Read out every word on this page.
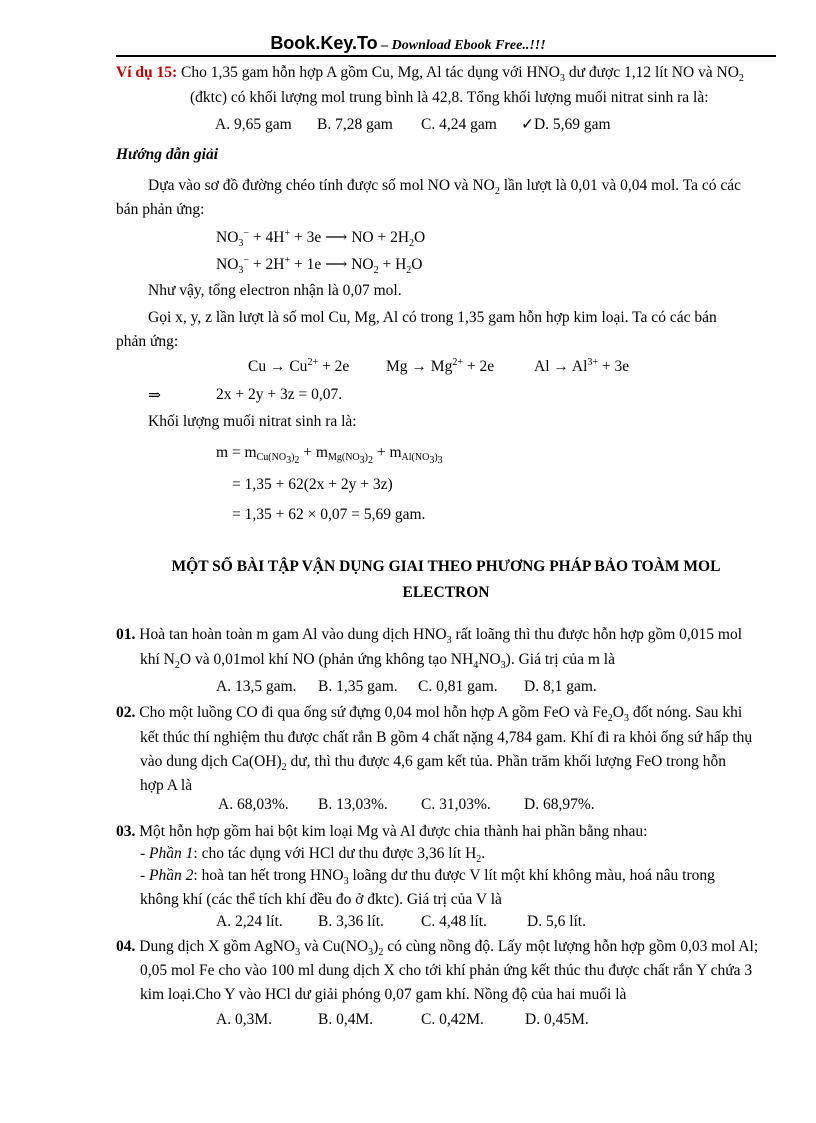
Book.Key.To – Download Ebook Free..!!!
Ví dụ 15: Cho 1,35 gam hỗn hợp A gồm Cu, Mg, Al tác dụng với $HNO_3$ dư được 1,12 lít NO và $NO_2$
(đktc) có khối lượng mol trung bình là 42,8. Tổng khối lượng muối nitrat sinh ra là:
A. 9,65 gam B. 7,28 gam C. 4,24 gam ✓D. 5,69 gam
Hướng dẫn giải
Dựa vào sơ đồ đường chéo tính được số mol NO và $NO_2$ lần lượt là 0,01 và 0,04 mol. Ta có các
bán phản ứng:
$NO_3^- + 4H^+ + 3e$ ⟶ NO + $2H_2O$
$NO_3^- + 2H^+ + 1e$ ⟶ $NO_2 + H_2O$
Như vậy, tổng electron nhận là 0,07 mol.
Gọi x, y, z lần lượt là số mol Cu, Mg, Al có trong 1,35 gam hỗn hợp kim loại. Ta có các bán
phản ứng:
$Cu \to Cu^{2+} + 2e$ $Mg \to Mg^{2+} + 2e$	$Al \to Al^{3+} + 3e$
⇒	2x + 2y + 3z = 0,07.
Khối lượng muối nitrat sinh ra là:
$m = mCu(NO_3)_2 + mMg(NO_3)_2 + mAl(NO_3)_3$
= 1,35 + 62(2x + 2y + 3z)
= 1,35 + 62 × 0,07 = 5,69 gam.
MỘT SỐ BÀI TẬP VẬN DỤNG GIAI THEO PHƯƠNG PHÁP BẢO TOÀM MOL
ELECTRON
01. Hoà tan hoàn toàn m gam Al vào dung dịch $HNO_3$ rất loãng thì thu được hỗn hợp gồm 0,015 mol
khí $N_2O$ và 0,01mol khí NO (phản ứng không tạo $NH_4NO_3$). Giá trị của m là
A. 13,5 gam. B. 1,35 gam. C. 0,81 gam. D. 8,1 gam.
02. Cho một luồng CO đi qua ống sứ đựng 0,04 mol hỗn hợp A gồm FeO và $Fe_2O_3$ đốt nóng. Sau khi
kết thúc thí nghiệm thu được chất rắn B gồm 4 chất nặng 4,784 gam. Khí đi ra khỏi ống sứ hấp thụ
vào dung dịch $Ca(OH)_2$ dư, thì thu được 4,6 gam kết tủa. Phần trăm khối lượng FeO trong hỗn
hợp A là
A. 68,03%. B. 13,03%. C. 31,03%. D. 68,97%.
03. Một hỗn hợp gồm hai bột kim loại Mg và Al được chia thành hai phần bằng nhau:
- Phần 1: cho tác dụng với HCl dư thu được 3,36 lít $H_2$.
- Phần 2: hoà tan hết trong $HNO_3$ loãng dư thu được V lít một khí không màu, hoá nâu trong
không khí (các thể tích khí đều đo ở đktc). Giá trị của V là
A. 2,24 lít. B. 3,36 lít. C. 4,48 lít.	D. 5,6 lít.
04. Dung dịch X gồm AgNO$_3$ và $Cu(NO_3)_2$ có cùng nồng độ. Lấy một lượng hỗn hợp gồm 0,03 mol Al;
0,05 mol Fe cho vào 100 ml dung dịch X cho tới khí phản ứng kết thúc thu được chất rắn Y chứa 3
kim loại.Cho Y vào HCl dư giải phóng 0,07 gam khí. Nồng độ của hai muối là
A. 0,3M.	B. 0,4M.	C. 0,42M.	D. 0,45M.
